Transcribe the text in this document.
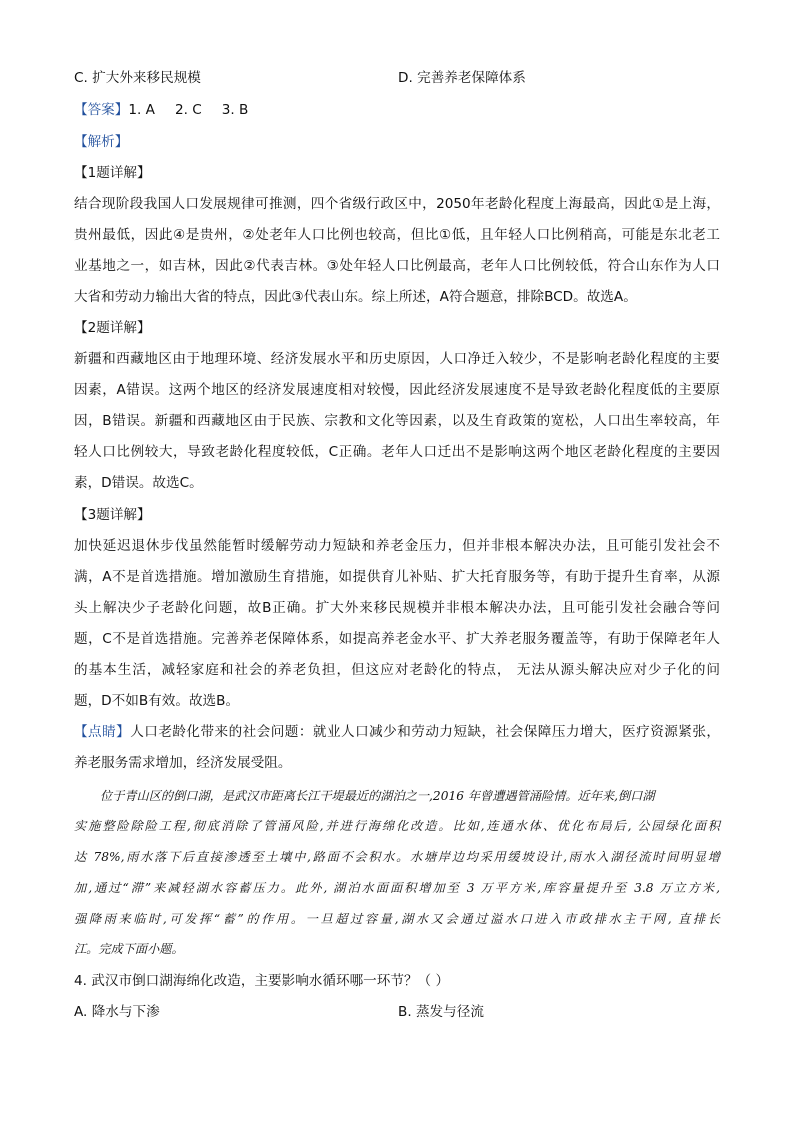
C. 扩大外来移民规模	D. 完善养老保障体系
【答案】1. A 2. C 3. B
【解析】
【1题详解】
结合现阶段我国人口发展规律可推测，四个省级行政区中，2050年老龄化程度上海最高，因此①是上海，
贵州最低，因此④是贵州，②处老年人口比例也较高，但比①低，且年轻人口比例稍高，可能是东北老工
业基地之一，如吉林，因此②代表吉林。③处年轻人口比例最高，老年人口比例较低，符合山东作为人口
大省和劳动力输出大省的特点，因此③代表山东。综上所述，A符合题意，排除BCD。故选A。
【2题详解】
新疆和西藏地区由于地理环境、经济发展水平和历史原因，人口净迁入较少，不是影响老龄化程度的主要
因素，A错误。这两个地区的经济发展速度相对较慢，因此经济发展速度不是导致老龄化程度低的主要原
因，B错误。新疆和西藏地区由于民族、宗教和文化等因素，以及生育政策的宽松，人口出生率较高，年
轻人口比例较大，导致老龄化程度较低，C正确。老年人口迁出不是影响这两个地区老龄化程度的主要因
素，D错误。故选C。
【3题详解】
加快延迟退休步伐虽然能暂时缓解劳动力短缺和养老金压力，但并非根本解决办法，且可能引发社会不
满，A不是首选措施。增加激励生育措施，如提供育儿补贴、扩大托育服务等，有助于提升生育率，从源
头上解决少子老龄化问题，故B正确。扩大外来移民规模并非根本解决办法，且可能引发社会融合等问
题，C不是首选措施。完善养老保障体系，如提高养老金水平、扩大养老服务覆盖等，有助于保障老年人
的基本生活，减轻家庭和社会的养老负担，但这应对老龄化的特点， 无法从源头解决应对少子化的问
题，D不如B有效。故选B。
【点睛】人口老龄化带来的社会问题：就业人口减少和劳动力短缺，社会保障压力增大，医疗资源紧张，
养老服务需求增加，经济发展受阻。
位于青山区的倒口湖，是武汉市距离长江干堤最近的湖泊之一,2016 年曾遭遇管涌险情。近年来,倒口湖
实施整险除险工程,彻底消除了管涌风险,并进行海绵化改造。比如,连通水体、优化布局后, 公园绿化面积
达 78%,雨水落下后直接渗透至土壤中,路面不会积水。水塘岸边均采用缓坡设计,雨水入湖径流时间明显增
加,通过“滞”来减轻湖水容蓄压力。此外, 湖泊水面面积增加至 3 万平方米,库容量提升至 3.8 万立方米,
强降雨来临时,可发挥“蓄”的作用。一旦超过容量,湖水又会通过溢水口进入市政排水主干网, 直排长
江。完成下面小题。
4. 武汉市倒口湖海绵化改造，主要影响水循环哪一环节？（ ）
A. 降水与下渗	B. 蒸发与径流
